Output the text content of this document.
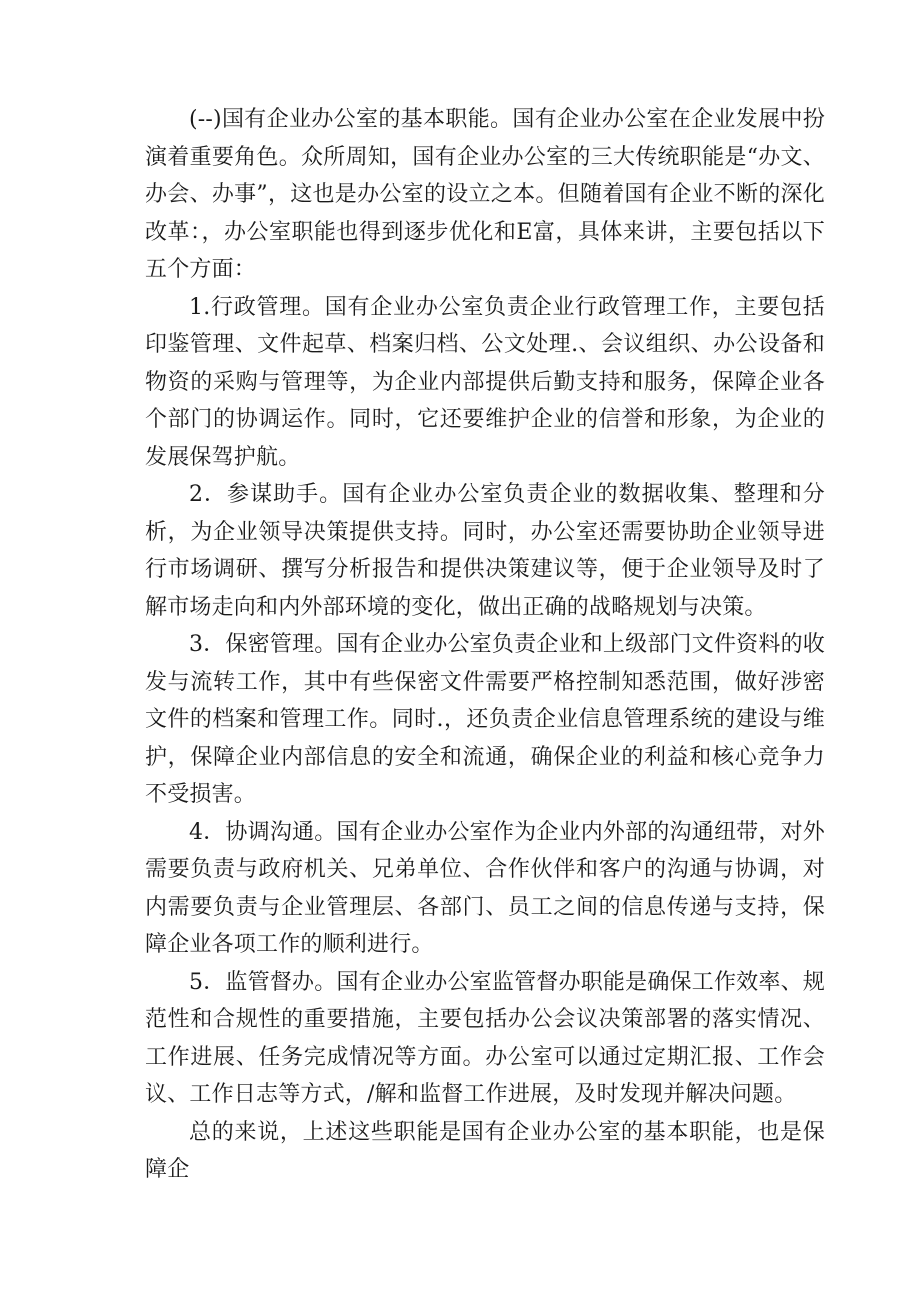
(--)国有企业办公室的基本职能。国有企业办公室在企业发展中扮演着重要角色。众所周知，国有企业办公室的三大传统职能是“办文、办会、办事”，这也是办公室的设立之本。但随着国有企业不断的深化改革：，办公室职能也得到逐步优化和E富，具体来讲，主要包括以下五个方面：

1.行政管理。国有企业办公室负责企业行政管理工作，主要包括印鉴管理、文件起草、档案归档、公文处理.、会议组织、办公设备和物资的采购与管理等，为企业内部提供后勤支持和服务，保障企业各个部门的协调运作。同时，它还要维护企业的信誉和形象，为企业的发展保驾护航。

2．参谋助手。国有企业办公室负责企业的数据收集、整理和分析，为企业领导决策提供支持。同时，办公室还需要协助企业领导进行市场调研、撰写分析报告和提供决策建议等，便于企业领导及时了解市场走向和内外部环境的变化，做出正确的战略规划与决策。

3．保密管理。国有企业办公室负责企业和上级部门文件资料的收发与流转工作，其中有些保密文件需要严格控制知悉范围，做好涉密文件的档案和管理工作。同时.，还负责企业信息管理系统的建设与维护，保障企业内部信息的安全和流通，确保企业的利益和核心竞争力不受损害。

4．协调沟通。国有企业办公室作为企业内外部的沟通纽带，对外需要负责与政府机关、兄弟单位、合作伙伴和客户的沟通与协调，对内需要负责与企业管理层、各部门、员工之间的信息传递与支持，保障企业各项工作的顺利进行。

5．监管督办。国有企业办公室监管督办职能是确保工作效率、规范性和合规性的重要措施，主要包括办公会议决策部署的落实情况、工作进展、任务完成情况等方面。办公室可以通过定期汇报、工作会议、工作日志等方式，/解和监督工作进展，及时发现并解决问题。

总的来说，上述这些职能是国有企业办公室的基本职能，也是保障企
